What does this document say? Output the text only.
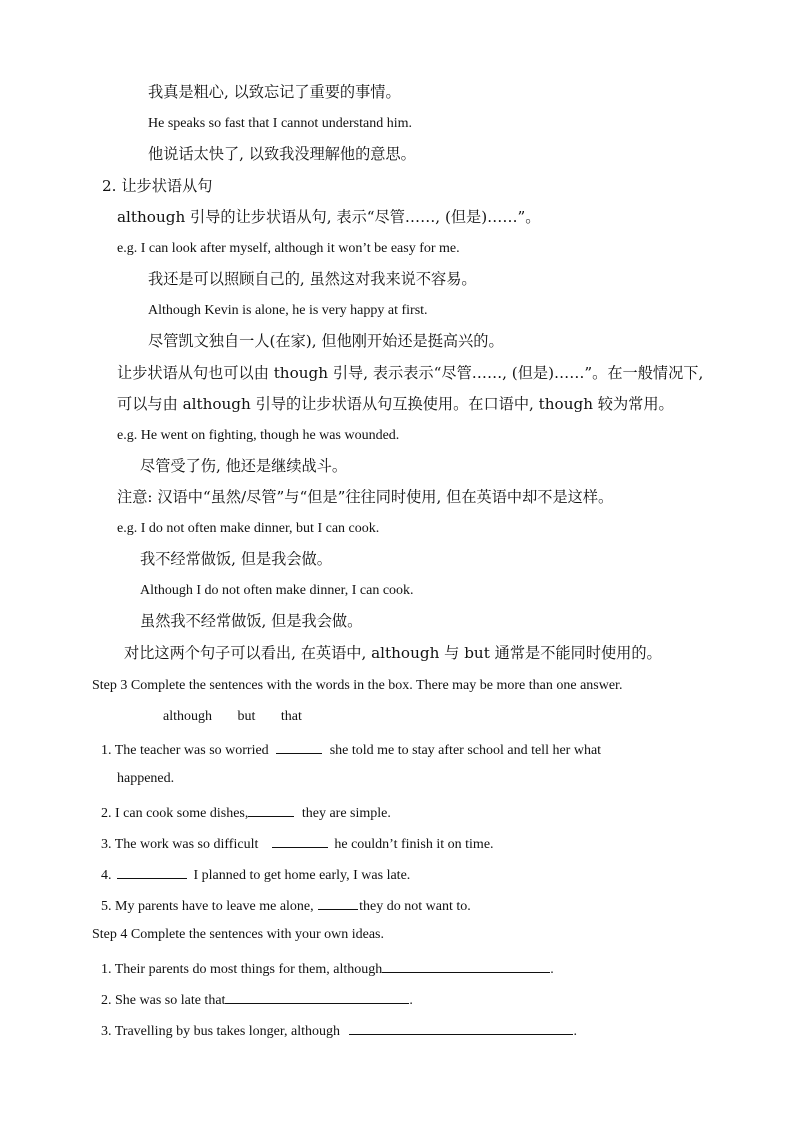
我真是粗心, 以致忘记了重要的事情。
He speaks so fast that I cannot understand him.
他说话太快了, 以致我没理解他的意思。
2. 让步状语从句
although 引导的让步状语从句, 表示“尽管……, (但是)……”。
e.g. I can look after myself, although it won’t be easy for me.
我还是可以照顾自己的, 虽然这对我来说不容易。
Although Kevin is alone, he is very happy at first.
尽管凯文独自一人(在家), 但他刚开始还是挺高兴的。
让步状语从句也可以由 though 引导, 表示表示“尽管……, (但是)……”。在一般情况下,
可以与由 although 引导的让步状语从句互换使用。在口语中, though 较为常用。
e.g. He went on fighting, though he was wounded.
尽管受了伤, 他还是继续战斗。
注意: 汉语中“虽然/尽管”与“但是”往往同时使用, 但在英语中却不是这样。
e.g. I do not often make dinner, but I can cook.
我不经常做饭, 但是我会做。
Although I do not often make dinner, I can cook.
虽然我不经常做饭, 但是我会做。
对比这两个句子可以看出, 在英语中, although 与 but 通常是不能同时使用的。
Step 3 Complete the sentences with the words in the box. There may be more than one answer.
although but that
1. The teacher was so worried	she told me to stay after school and tell her what
happened.
2. I can cook some dishes,	they are simple.
3. The work was so difficult	he couldn’t finish it on time.
4.	I planned to get home early, I was late.
5. My parents have to leave me alone,	they do not want to.
Step 4 Complete the sentences with your own ideas.
1. Their parents do most things for them, although	.
2. She was so late that	.
3. Travelling by bus takes longer, although	.
